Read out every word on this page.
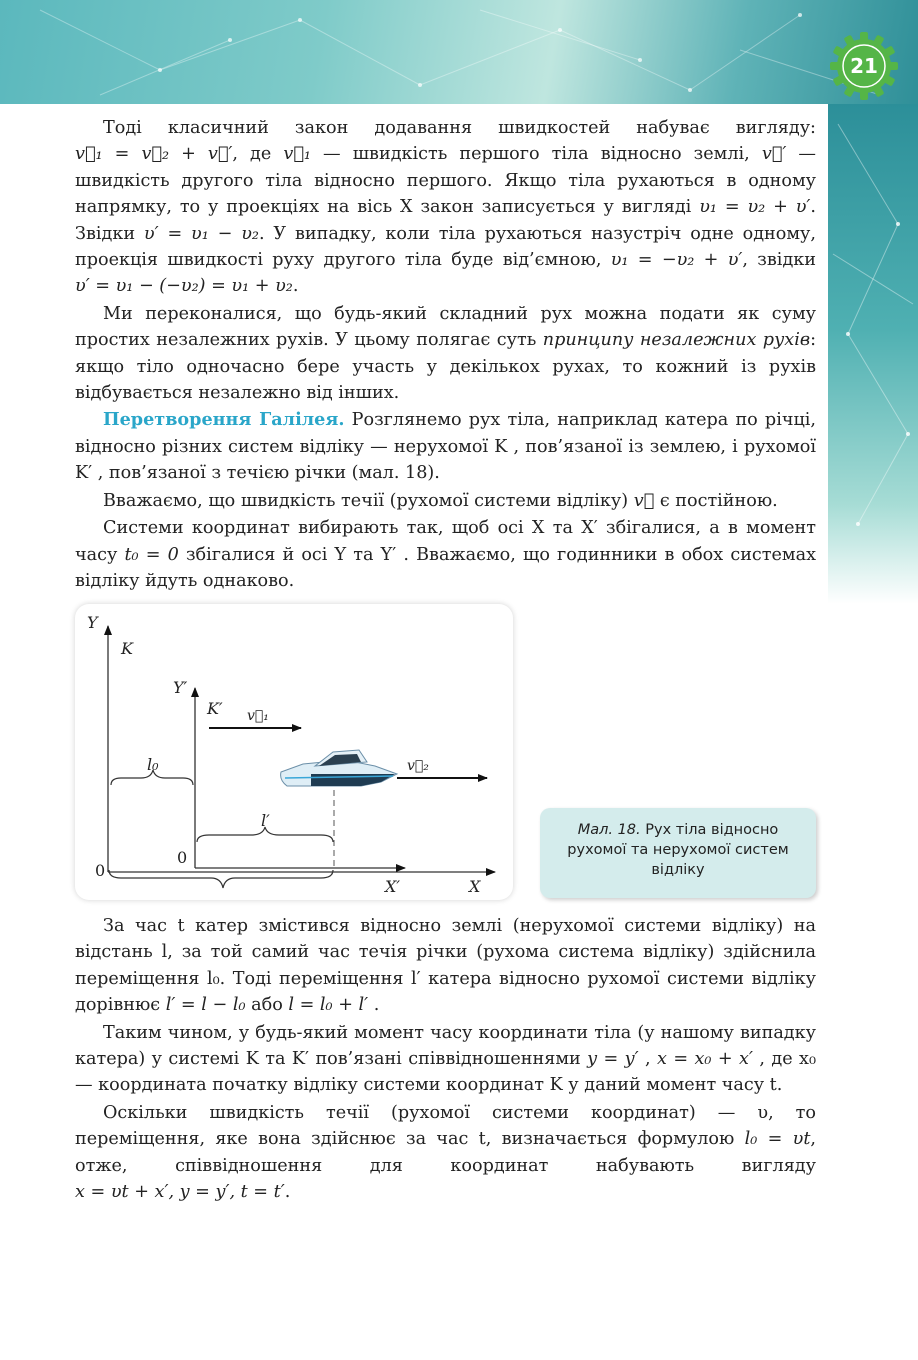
21

Тоді класичний закон додавання швидкостей набуває вигляду: v⃗₁ = v⃗₂ + v⃗′, де v⃗₁ — швидкість першого тіла відносно землі, v⃗′ — швидкість другого тіла відносно першого. Якщо тіла рухаються в одному напрямку, то у проекціях на вісь X закон записується у вигляді υ₁ = υ₂ + υ′. Звідки υ′ = υ₁ − υ₂. У випадку, коли тіла рухаються назустріч одне одному, проекція швидкості руху другого тіла буде від’ємною, υ₁ = −υ₂ + υ′, звідки υ′ = υ₁ − (−υ₂) = υ₁ + υ₂.

Ми переконалися, що будь-який складний рух можна подати як суму простих незалежних рухів. У цьому полягає суть принципу незалежних рухів: якщо тіло одночасно бере участь у декількох рухах, то кожний із рухів відбувається незалежно від інших.

Перетворення Галілея. Розглянемо рух тіла, наприклад катера по річці, відносно різних систем відліку — нерухомої K , пов’язаної із землею, і рухомої K′ , пов’язаної з течією річки (мал. 18).

Вважаємо, що швидкість течії (рухомої системи відліку) v⃗ є постійною.

Системи координат вибирають так, щоб осі X та X′ збігалися, а в момент часу t₀ = 0 збігалися й осі Y та Y′ . Вважаємо, що годинники в обох системах відліку йдуть однаково.

Y
K
Y′
K′ v⃗₁
v⃗₂
l₀
l′
0
0
X′	X
Мал. 18. Рух тіла відносно рухомої та нерухомої систем відліку

За час t катер змістився відносно землі (нерухомої системи відліку) на відстань l, за той самий час течія річки (рухома система відліку) здійснила переміщення l₀. Тоді переміщення l′ катера відносно рухомої системи відліку дорівнює l′ = l − l₀ або l = l₀ + l′ .

Таким чином, у будь-який момент часу координати тіла (у нашому випадку катера) у системі K та K′ пов’язані співвідношеннями y = y′ , x = x₀ + x′ , де x₀ — координата початку відліку системи координат K у даний момент часу t.

Оскільки швидкість течії (рухомої системи координат) — υ, то переміщення, яке вона здійснює за час t, визначається формулою l₀ = υt, отже, співвідношення для координат набувають вигляду x = υt + x′, y = y′, t = t′.
